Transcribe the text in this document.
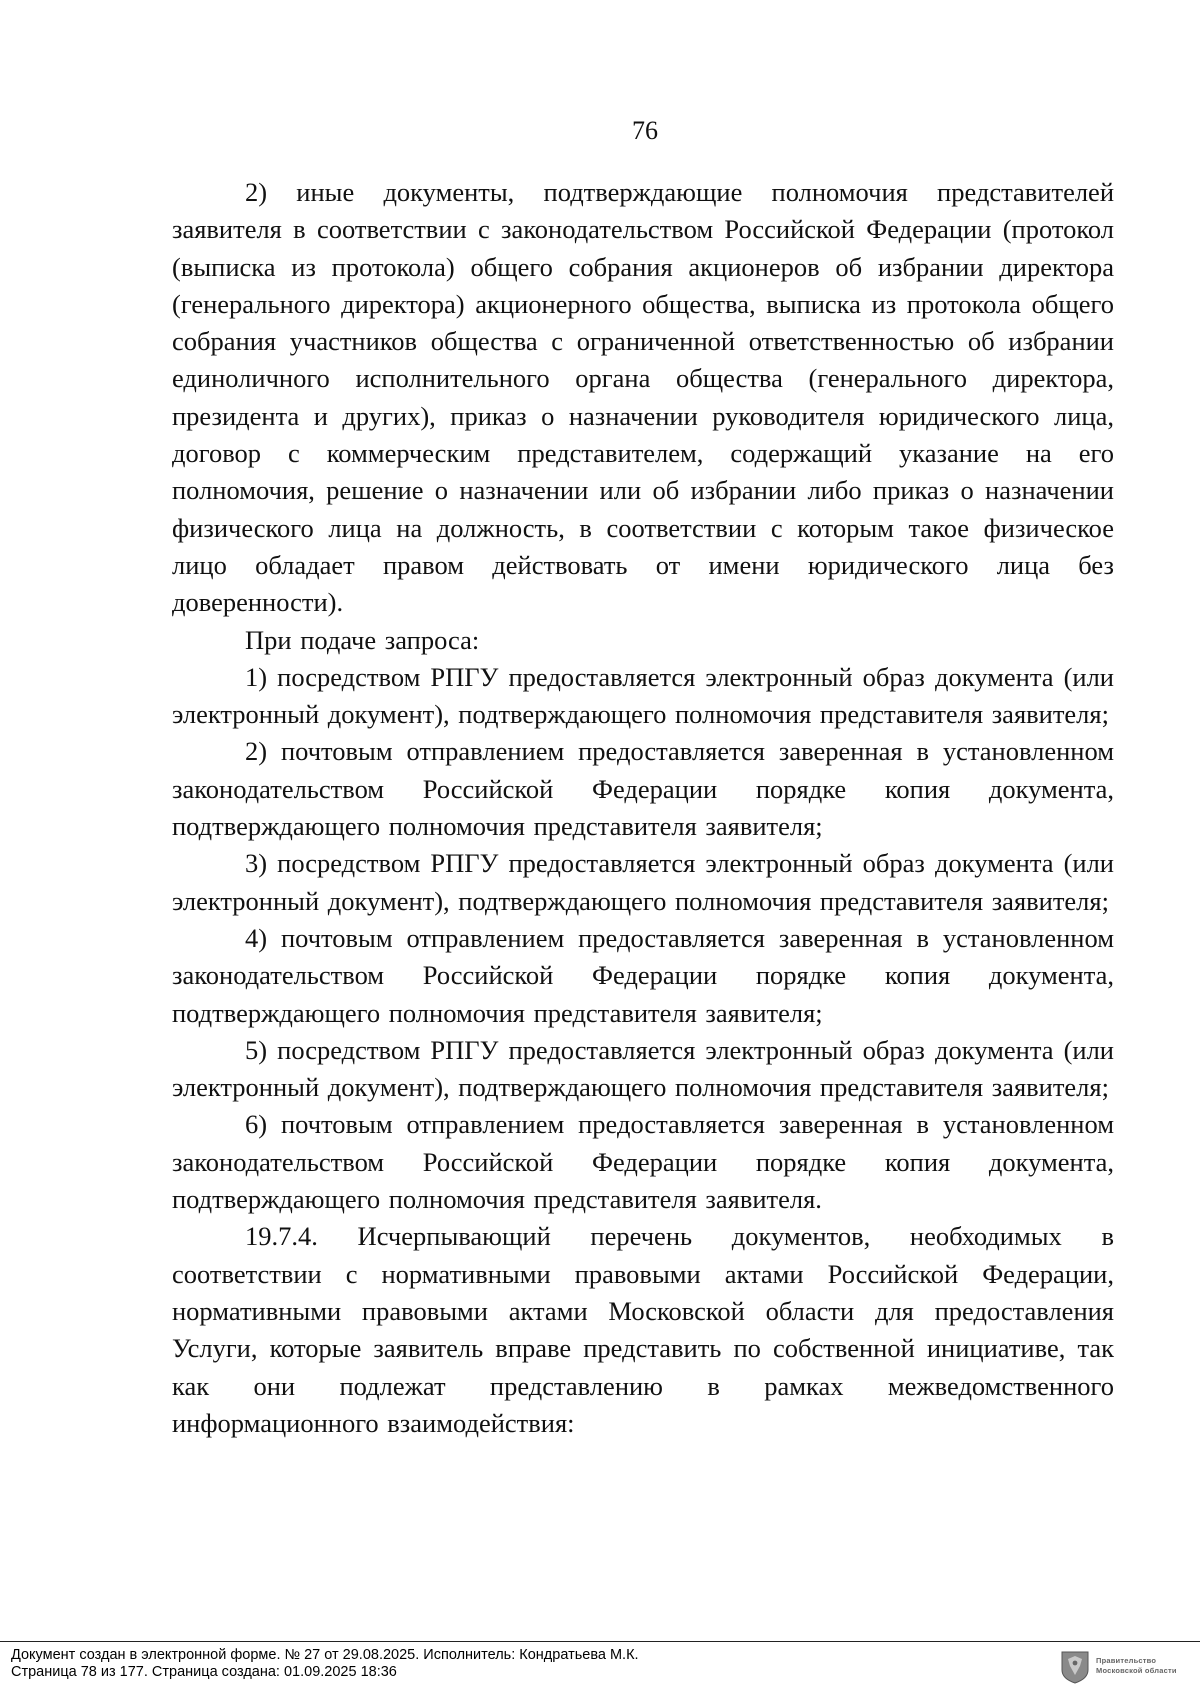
76

2) иные документы, подтверждающие полномочия представителей заявителя в соответствии с законодательством Российской Федерации (протокол (выписка из протокола) общего собрания акционеров об избрании директора (генерального директора) акционерного общества, выписка из протокола общего собрания участников общества с ограниченной ответственностью об избрании единоличного исполнительного органа общества (генерального директора, президента и других), приказ о назначении руководителя юридического лица, договор с коммерческим представителем, содержащий указание на его полномочия, решение о назначении или об избрании либо приказ о назначении физического лица на должность, в соответствии с которым такое физическое лицо обладает правом действовать от имени юридического лица без доверенности).

При подаче запроса:

1) посредством РПГУ предоставляется электронный образ документа (или электронный документ), подтверждающего полномочия представителя заявителя;

2) почтовым отправлением предоставляется заверенная в установленном законодательством Российской Федерации порядке копия документа, подтверждающего полномочия представителя заявителя;

3) посредством РПГУ предоставляется электронный образ документа (или электронный документ), подтверждающего полномочия представителя заявителя;

4) почтовым отправлением предоставляется заверенная в установленном законодательством Российской Федерации порядке копия документа, подтверждающего полномочия представителя заявителя;

5) посредством РПГУ предоставляется электронный образ документа (или электронный документ), подтверждающего полномочия представителя заявителя;

6) почтовым отправлением предоставляется заверенная в установленном законодательством Российской Федерации порядке копия документа, подтверждающего полномочия представителя заявителя.

19.7.4. Исчерпывающий перечень документов, необходимых в соответствии с нормативными правовыми актами Российской Федерации, нормативными правовыми актами Московской области для предоставления Услуги, которые заявитель вправе представить по собственной инициативе, так как они подлежат представлению в рамках межведомственного информационного взаимодействия:

Документ создан в электронной форме. № 27 от 29.08.2025. Исполнитель: Кондратьева М.К.
Страница 78 из 177. Страница создана: 01.09.2025 18:36
Правительство
Московской области
